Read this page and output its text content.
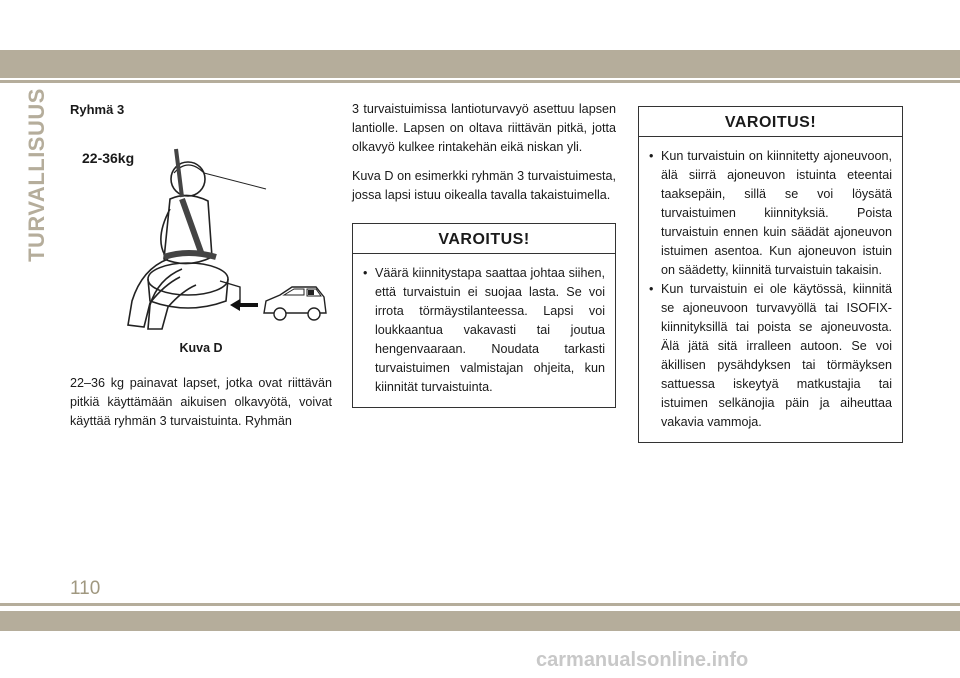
TURVALLISUUS Ryhmä 3
22-36kg
Kuva D

22–36 kg painavat lapset, jotka ovat riittävän pitkiä käyttämään aikuisen olkavyötä, voivat käyttää ryhmän 3 turvaistuinta. Ryhmän

3 turvaistuimissa lantioturvavyö asettuu lapsen lantiolle. Lapsen on oltava riittävän pitkä, jotta olkavyö kulkee rintakehän eikä niskan yli.

Kuva D on esimerkki ryhmän 3 turvaistuimesta, jossa lapsi istuu oikealla tavalla takaistuimella.

VAROITUS!
• Väärä kiinnitystapa saattaa johtaa siihen, että turvaistuin ei suojaa lasta. Se voi irrota törmäystilanteessa. Lapsi voi loukkaantua vakavasti tai joutua hengenvaaraan. Noudata tarkasti turvaistuimen valmistajan ohjeita, kun kiinnität turvaistuinta.
VAROITUS!
• Kun turvaistuin on kiinnitetty ajoneuvoon, älä siirrä ajoneuvon istuinta eteentai taaksepäin, sillä se voi löysätä turvaistuimen kiinnityksiä. Poista turvaistuin ennen kuin säädät ajoneuvon istuimen asentoa. Kun ajoneuvon istuin on säädetty, kiinnitä turvaistuin takaisin.
• Kun turvaistuin ei ole käytössä, kiinnitä se ajoneuvoon turvavyöllä tai ISOFIX-kiinnityksillä tai poista se ajoneuvosta. Älä jätä sitä irralleen autoon. Se voi äkillisen pysähdyksen tai törmäyksen sattuessa iskeytyä matkustajia tai istuimen selkänojia päin ja aiheuttaa vakavia vammoja.
110
carmanualsonline.info
